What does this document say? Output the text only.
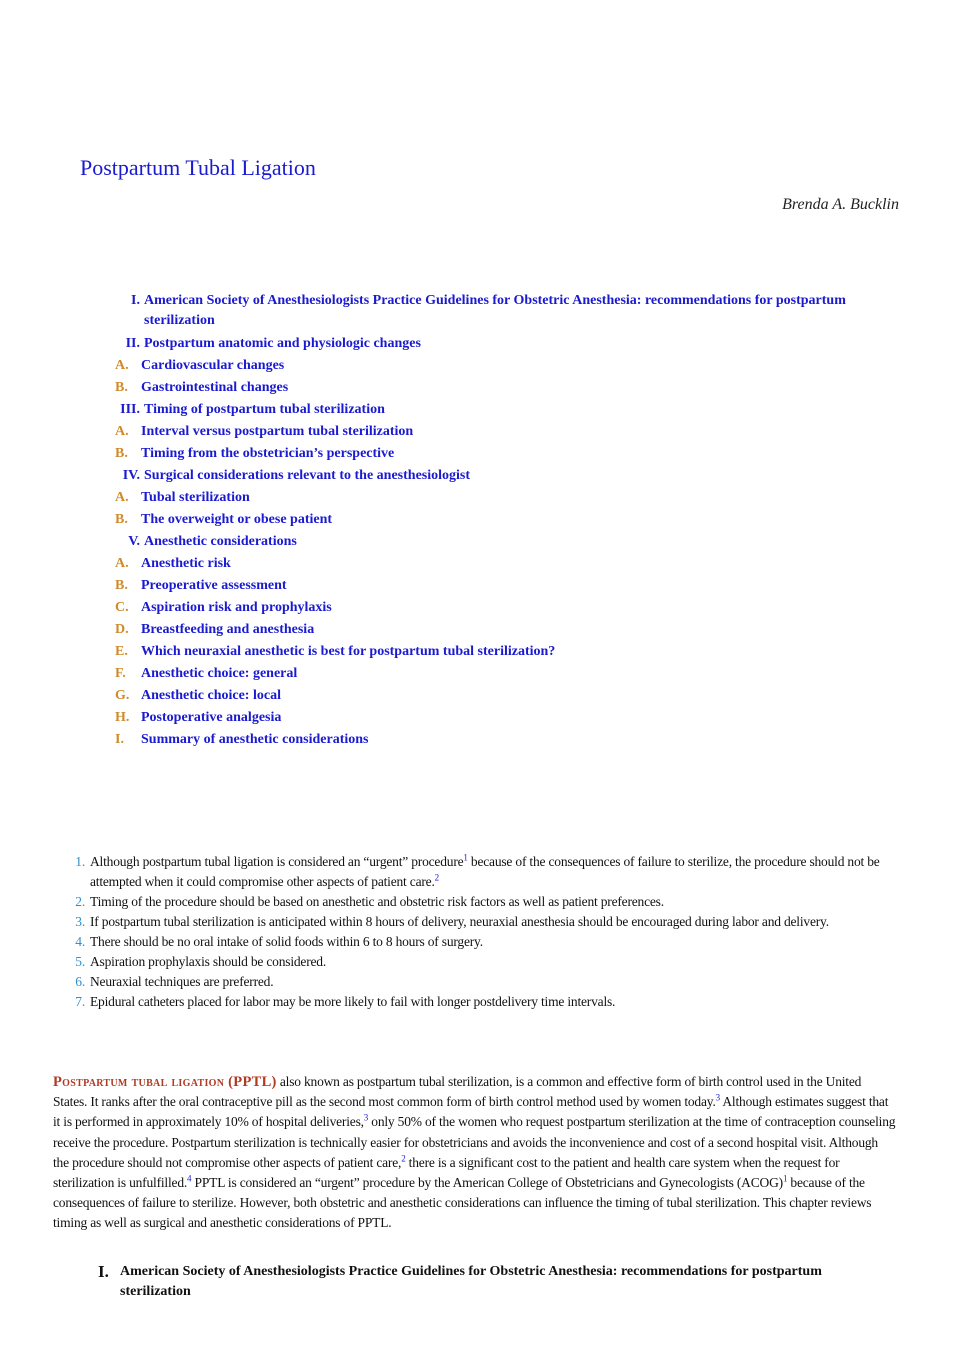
Postpartum Tubal Ligation
Brenda A. Bucklin
I. American Society of Anesthesiologists Practice Guidelines for Obstetric Anesthesia: recommendations for postpartum sterilization
II. Postpartum anatomic and physiologic changes
A. Cardiovascular changes
B. Gastrointestinal changes
III. Timing of postpartum tubal sterilization
A. Interval versus postpartum tubal sterilization
B. Timing from the obstetrician’s perspective
IV. Surgical considerations relevant to the anesthesiologist
A. Tubal sterilization
B. The overweight or obese patient
V. Anesthetic considerations
A. Anesthetic risk
B. Preoperative assessment
C. Aspiration risk and prophylaxis
D. Breastfeeding and anesthesia
E. Which neuraxial anesthetic is best for postpartum tubal sterilization?
F.	Anesthetic choice: general
G. Anesthetic choice: local
H. Postoperative analgesia
I.	Summary of anesthetic considerations
1. Although postpartum tubal ligation is considered an “urgent” procedure$^1$ because of the consequences of failure to sterilize, the procedure should not be attempted when it could compromise other aspects of patient care.$^2$
2. Timing of the procedure should be based on anesthetic and obstetric risk factors as well as patient preferences.
3. If postpartum tubal sterilization is anticipated within 8 hours of delivery, neuraxial anesthesia should be encouraged during labor and delivery.
4. There should be no oral intake of solid foods within 6 to 8 hours of surgery.
5. Aspiration prophylaxis should be considered.
6. Neuraxial techniques are preferred.
7. Epidural catheters placed for labor may be more likely to fail with longer postdelivery time intervals.

Postpartum tubal ligation (PPTL) also known as postpartum tubal sterilization, is a common and effective form of birth control used in the United States. It ranks after the oral contraceptive pill as the second most common form of birth control method used by women today.$^3$ Although estimates suggest that it is performed in approximately 10% of hospital deliveries,$^3$ only 50% of the women who request postpartum sterilization at the time of contraception counseling receive the procedure. Postpartum sterilization is technically easier for obstetricians and avoids the inconvenience and cost of a second hospital visit. Although the procedure should not compromise other aspects of patient care,$^2$ there is a significant cost to the patient and health care system when the request for sterilization is unfulfilled.$^4$ PPTL is considered an “urgent” procedure by the American College of Obstetricians and Gynecologists (ACOG)$^1$ because of the consequences of failure to sterilize. However, both obstetric and anesthetic considerations can influence the timing of tubal sterilization. This chapter reviews timing as well as surgical and anesthetic considerations of PPTL.

I. American Society of Anesthesiologists Practice Guidelines for Obstetric Anesthesia: recommendations for postpartum sterilization
